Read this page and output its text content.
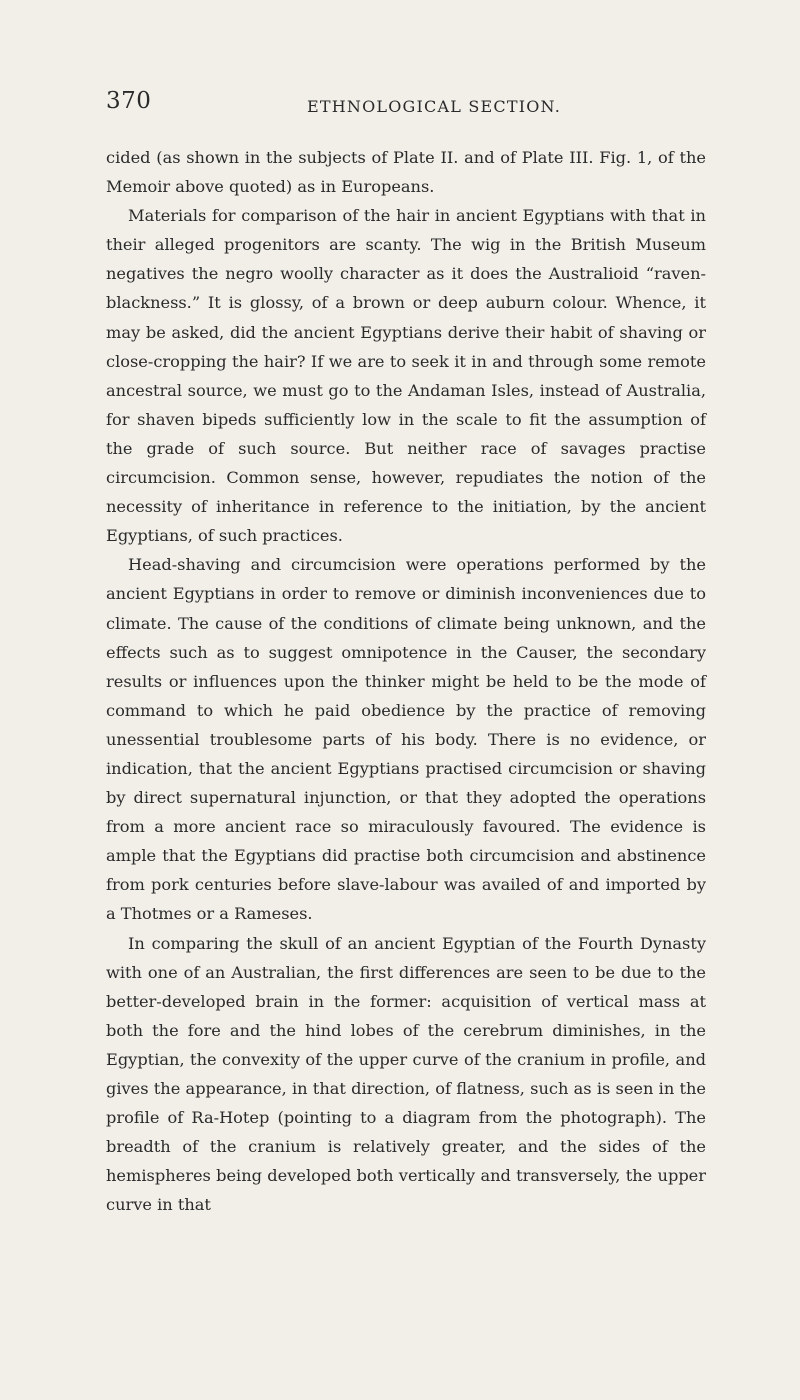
370	ETHNOLOGICAL SECTION.

cided (as shown in the subjects of Plate II. and of Plate III. Fig. 1, of the Memoir above quoted) as in Europeans.

Materials for comparison of the hair in ancient Egyptians with that in their alleged progenitors are scanty. The wig in the British Museum negatives the negro woolly character as it does the Australioid “raven-blackness.” It is glossy, of a brown or deep auburn colour. Whence, it may be asked, did the ancient Egyptians derive their habit of shaving or close-cropping the hair? If we are to seek it in and through some remote ancestral source, we must go to the Andaman Isles, instead of Australia, for shaven bipeds sufficiently low in the scale to fit the assumption of the grade of such source. But neither race of savages practise circumcision. Common sense, however, repudiates the notion of the necessity of inheritance in reference to the initiation, by the ancient Egyptians, of such practices.

Head-shaving and circumcision were operations performed by the ancient Egyptians in order to remove or diminish inconveniences due to climate. The cause of the conditions of climate being unknown, and the effects such as to suggest omnipotence in the Causer, the secondary results or influences upon the thinker might be held to be the mode of command to which he paid obedience by the practice of removing unessential troublesome parts of his body. There is no evidence, or indication, that the ancient Egyptians practised circumcision or shaving by direct supernatural injunction, or that they adopted the operations from a more ancient race so miraculously favoured. The evidence is ample that the Egyptians did practise both circumcision and abstinence from pork centuries before slave-labour was availed of and imported by a Thotmes or a Rameses.

In comparing the skull of an ancient Egyptian of the Fourth Dynasty with one of an Australian, the first differences are seen to be due to the better-developed brain in the former: acquisition of vertical mass at both the fore and the hind lobes of the cerebrum diminishes, in the Egyptian, the convexity of the upper curve of the cranium in profile, and gives the appearance, in that direction, of flatness, such as is seen in the profile of Ra-Hotep (pointing to a diagram from the photograph). The breadth of the cranium is relatively greater, and the sides of the hemispheres being developed both vertically and transversely, the upper curve in that
